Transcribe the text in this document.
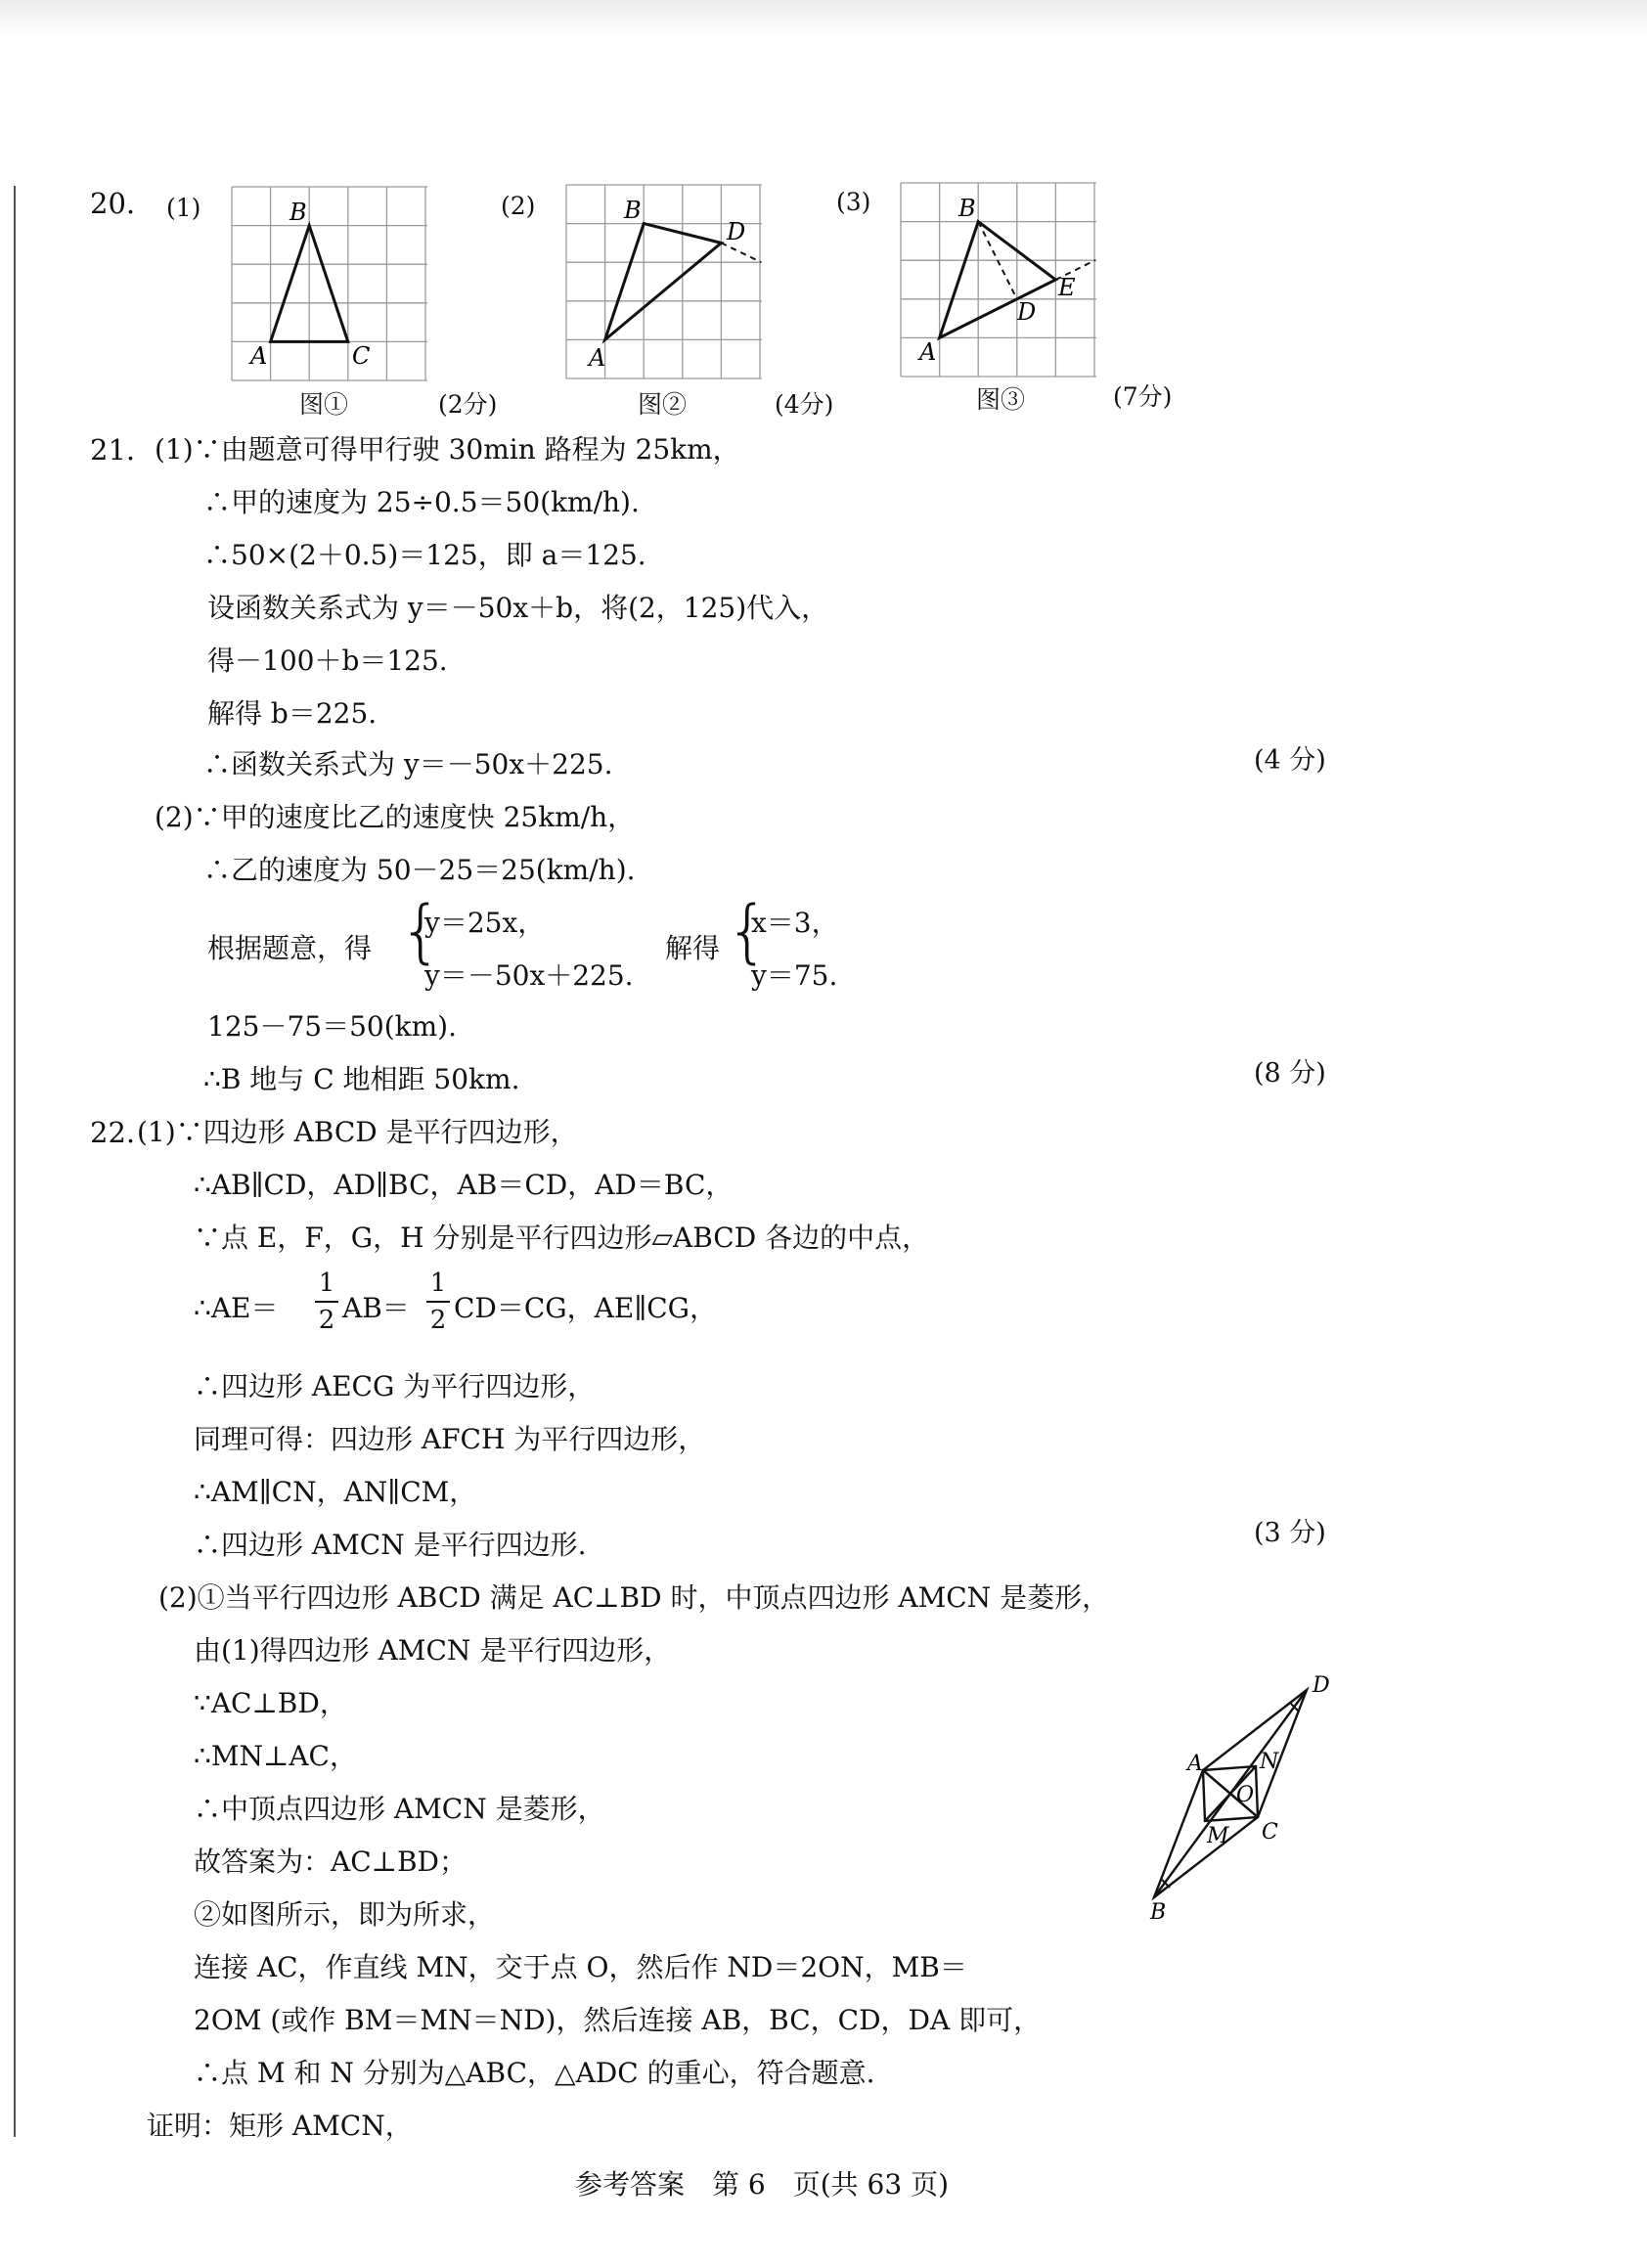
20. (1)	B
A	C
图①	(2分)
(2)	B
D
A
图②	(4分)
(3)	B
D
E
A
图③	(7分)
21. (1)∵由题意可得甲行驶 30min 路程为 25km，
∴甲的速度为 25÷0.5＝50(km/h).
∴50×(2＋0.5)＝125，即 a＝125.
设函数关系式为 y＝－50x＋b，将(2，125)代入，
得－100＋b＝125.
解得 b＝225.
∴函数关系式为 y＝－50x＋225.	(4 分)
(2)∵甲的速度比乙的速度快 25km/h，
∴乙的速度为 50－25＝25(km/h).
根据题意，得 {
y＝25x，
y＝－50x＋225.
解得 {
x＝3，
y＝75.
125－75＝50(km).
∴B 地与 C 地相距 50km.	(8 分)
22. (1)∵四边形 ABCD 是平行四边形，
∴AB∥CD，AD∥BC，AB＝CD，AD＝BC，
∵点 E，F，G，H 分别是平行四边形▱ABCD 各边的中点，
∴AE＝
1
2 AB＝
1
2 CD＝CG，AE∥CG，
∴四边形 AECG 为平行四边形，
同理可得：四边形 AFCH 为平行四边形，
∴AM∥CN，AN∥CM，
∴四边形 AMCN 是平行四边形.	(3 分)
(2)①当平行四边形 ABCD 满足 AC⊥BD 时，中顶点四边形 AMCN 是菱形，
由(1)得四边形 AMCN 是平行四边形，
∵AC⊥BD，
∴MN⊥AC，
∴中顶点四边形 AMCN 是菱形，
故答案为：AC⊥BD；
②如图所示，即为所求，
连接 AC，作直线 MN，交于点 O，然后作 ND＝2ON，MB＝
2OM (或作 BM＝MN＝ND)，然后连接 AB，BC，CD，DA 即可，
∴点 M 和 N 分别为△ABC，△ADC 的重心，符合题意.
证明：矩形 AMCN，
D
A	N
O
M C
B
参考答案　第 6　页(共 63 页)
